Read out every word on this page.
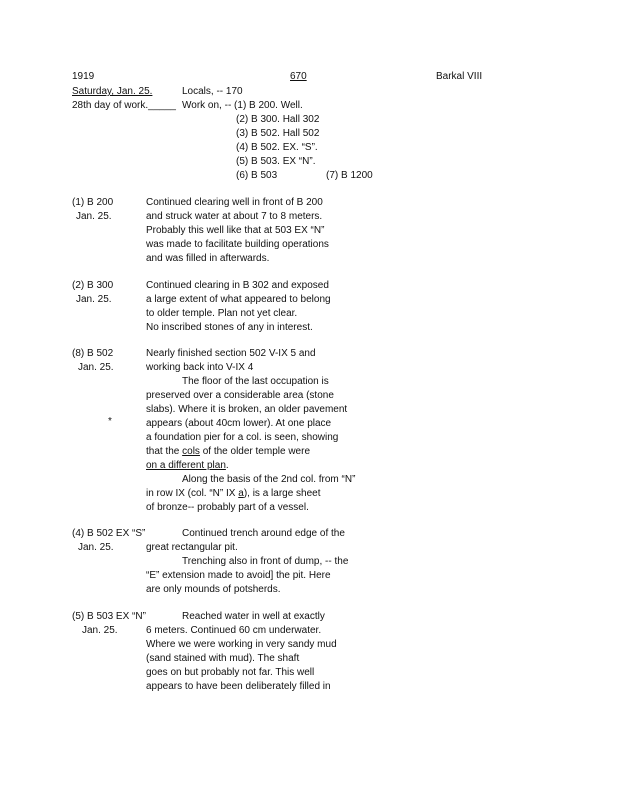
1919	670	Barkal VIII
Saturday, Jan. 25.	Locals, -- 170
28th day of work._____ Work on, -- (1) B 200. Well.
(2) B 300. Hall 302
(3) B 502. Hall 502
(4) B 502. EX. “S”.
(5) B 503. EX “N”.
(6) B 503	(7) B 1200
(1) B 200
Jan. 25.
Continued clearing well in front of B 200
and struck water at about 7 to 8 meters.
Probably this well like that at 503 EX “N”
was made to facilitate building operations
and was filled in afterwards.
(2) B 300
Jan. 25.
Continued clearing in B 302 and exposed
a large extent of what appeared to belong
to older temple. Plan not yet clear.
No inscribed stones of any in interest.
(8) B 502
Jan. 25.
*
Nearly finished section 502 V-IX 5 and
working back into V-IX 4
The floor of the last occupation is
preserved over a considerable area (stone
slabs). Where it is broken, an older pavement
appears (about 40cm lower). At one place
a foundation pier for a col. is seen, showing
that the cols of the older temple were
on a different plan.
Along the basis of the 2nd col. from “N”
in row IX (col. “N” IX a), is a large sheet
of bronze-- probably part of a vessel.
(4) B 502 EX “S”
Jan. 25.
Continued trench around edge of the
great rectangular pit.
Trenching also in front of dump, -- the
“E” extension made to avoid] the pit. Here
are only mounds of potsherds.
(5) B 503 EX “N”
Jan. 25.
Reached water in well at exactly
6 meters. Continued 60 cm underwater.
Where we were working in very sandy mud
(sand stained with mud). The shaft
goes on but probably not far. This well
appears to have been deliberately filled in
